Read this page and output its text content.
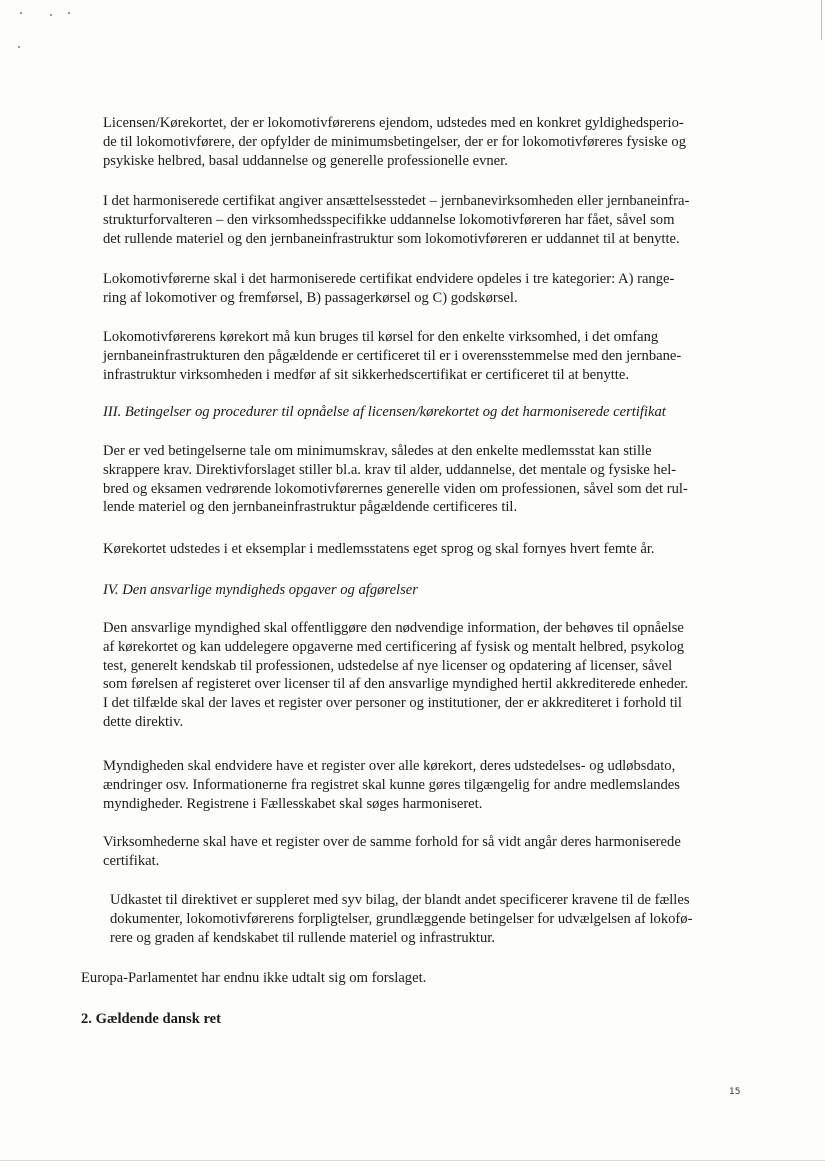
Licensen/Kørekortet, der er lokomotivførerens ejendom, udstedes med en konkret gyldighedsperio-
de til lokomotivførere, der opfylder de minimumsbetingelser, der er for lokomotivføreres fysiske og
psykiske helbred, basal uddannelse og generelle professionelle evner.

I det harmoniserede certifikat angiver ansættelsesstedet – jernbanevirksomheden eller jernbaneinfra-
strukturforvalteren – den virksomhedsspecifikke uddannelse lokomotivføreren har fået, såvel som
det rullende materiel og den jernbaneinfrastruktur som lokomotivføreren er uddannet til at benytte.

Lokomotivførerne skal i det harmoniserede certifikat endvidere opdeles i tre kategorier: A) range-
ring af lokomotiver og fremførsel, B) passagerkørsel og C) godskørsel.

Lokomotivførerens kørekort må kun bruges til kørsel for den enkelte virksomhed, i det omfang
jernbaneinfrastrukturen den pågældende er certificeret til er i overensstemmelse med den jernbane-
infrastruktur virksomheden i medfør af sit sikkerhedscertifikat er certificeret til at benytte.

III. Betingelser og procedurer til opnåelse af licensen/kørekortet og det harmoniserede certifikat

Der er ved betingelserne tale om minimumskrav, således at den enkelte medlemsstat kan stille
skrappere krav. Direktivforslaget stiller bl.a. krav til alder, uddannelse, det mentale og fysiske hel-
bred og eksamen vedrørende lokomotivførernes generelle viden om professionen, såvel som det rul-
lende materiel og den jernbaneinfrastruktur pågældende certificeres til.

Kørekortet udstedes i et eksemplar i medlemsstatens eget sprog og skal fornyes hvert femte år.

IV. Den ansvarlige myndigheds opgaver og afgørelser

Den ansvarlige myndighed skal offentliggøre den nødvendige information, der behøves til opnåelse
af kørekortet og kan uddelegere opgaverne med certificering af fysisk og mentalt helbred, psykolog
test, generelt kendskab til professionen, udstedelse af nye licenser og opdatering af licenser, såvel
som førelsen af registeret over licenser til af den ansvarlige myndighed hertil akkrediterede enheder.
I det tilfælde skal der laves et register over personer og institutioner, der er akkrediteret i forhold til
dette direktiv.

Myndigheden skal endvidere have et register over alle kørekort, deres udstedelses- og udløbsdato,
ændringer osv. Informationerne fra registret skal kunne gøres tilgængelig for andre medlemslandes
myndigheder. Registrene i Fællesskabet skal søges harmoniseret.

Virksomhederne skal have et register over de samme forhold for så vidt angår deres harmoniserede
certifikat.

Udkastet til direktivet er suppleret med syv bilag, der blandt andet specificerer kravene til de fælles
dokumenter, lokomotivførerens forpligtelser, grundlæggende betingelser for udvælgelsen af lokofø-
rere og graden af kendskabet til rullende materiel og infrastruktur.

Europa-Parlamentet har endnu ikke udtalt sig om forslaget.

2. Gældende dansk ret

15
